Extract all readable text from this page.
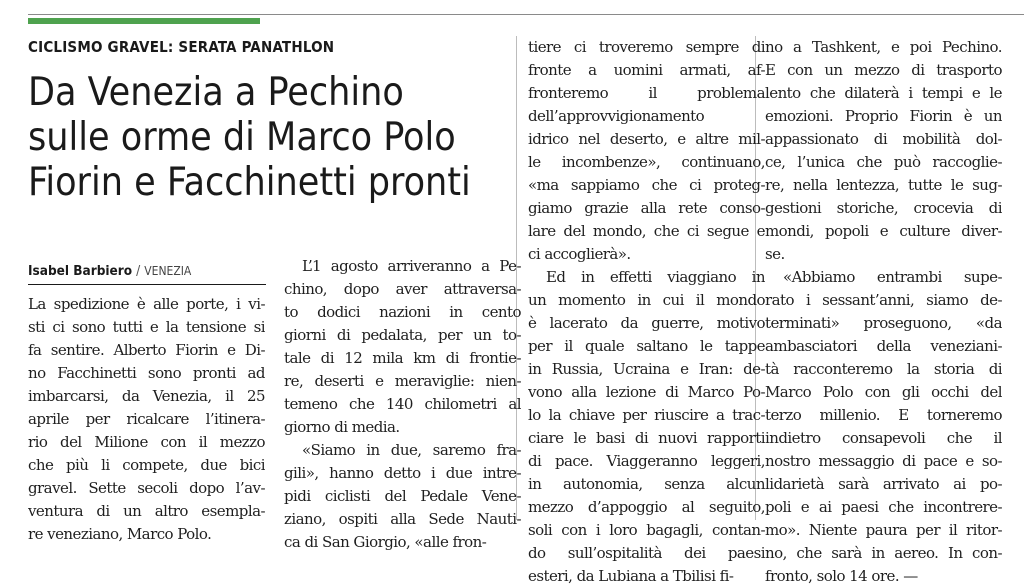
CICLISMO GRAVEL: SERATA PANATHLON
Da Venezia a Pechino
sulle orme di Marco Polo
Fiorin e Facchinetti pronti
Isabel Barbiero / VENEZIA
La spedizione è alle porte, i vi-
sti ci sono tutti e la tensione si
fa sentire. Alberto Fiorin e Di-
no Facchinetti sono pronti ad
imbarcarsi, da Venezia, il 25
aprile per ricalcare l’itinera-
rio del Milione con il mezzo
che più li compete, due bici
gravel. Sette secoli dopo l’av-
ventura di un altro esempla-
re veneziano, Marco Polo.
L’1 agosto arriveranno a Pe-
chino, dopo aver attraversa-
to dodici nazioni in cento
giorni di pedalata, per un to-
tale di 12 mila km di frontie-
re, deserti e meraviglie: nien-
temeno che 140 chilometri al
giorno di media.
«Siamo in due, saremo fra-
gili», hanno detto i due intre-
pidi ciclisti del Pedale Vene-
ziano, ospiti alla Sede Nauti-
ca di San Giorgio, «alle fron-
tiere ci troveremo sempre di
fronte a uomini armati, af-
fronteremo il problema
dell’approvvigionamento
idrico nel deserto, e altre mil-
le incombenze», continuano,
«ma sappiamo che ci proteg-
giamo grazie alla rete conso-
lare del mondo, che ci segue e
ci accoglierà».
Ed in effetti viaggiano in
un momento in cui il mondo
è lacerato da guerre, motivo
per il quale saltano le tappe
in Russia, Ucraina e Iran: de-
vono alla lezione di Marco Po-
lo la chiave per riuscire a trac-
ciare le basi di nuovi rapporti
di pace. Viaggeranno leggeri,
in autonomia, senza alcun
mezzo d’appoggio al seguito,
soli con i loro bagagli, contan-
do sull’ospitalità dei paesi
esteri, da Lubiana a Tbilisi fi-
no a Tashkent, e poi Pechino.
E con un mezzo di trasporto
lento che dilaterà i tempi e le
emozioni. Proprio Fiorin è un
appassionato di mobilità dol-
ce, l’unica che può raccoglie-
re, nella lentezza, tutte le sug-
gestioni storiche, crocevia di
mondi, popoli e culture diver-
se.
«Abbiamo entrambi supe-
rato i sessant’anni, siamo de-
terminati» proseguono, «da
ambasciatori della veneziani-
tà racconteremo la storia di
Marco Polo con gli occhi del
terzo millenio. E torneremo
indietro consapevoli che il
nostro messaggio di pace e so-
lidarietà sarà arrivato ai po-
poli e ai paesi che incontrere-
mo». Niente paura per il ritor-
no, che sarà in aereo. In con-
fronto, solo 14 ore. —
